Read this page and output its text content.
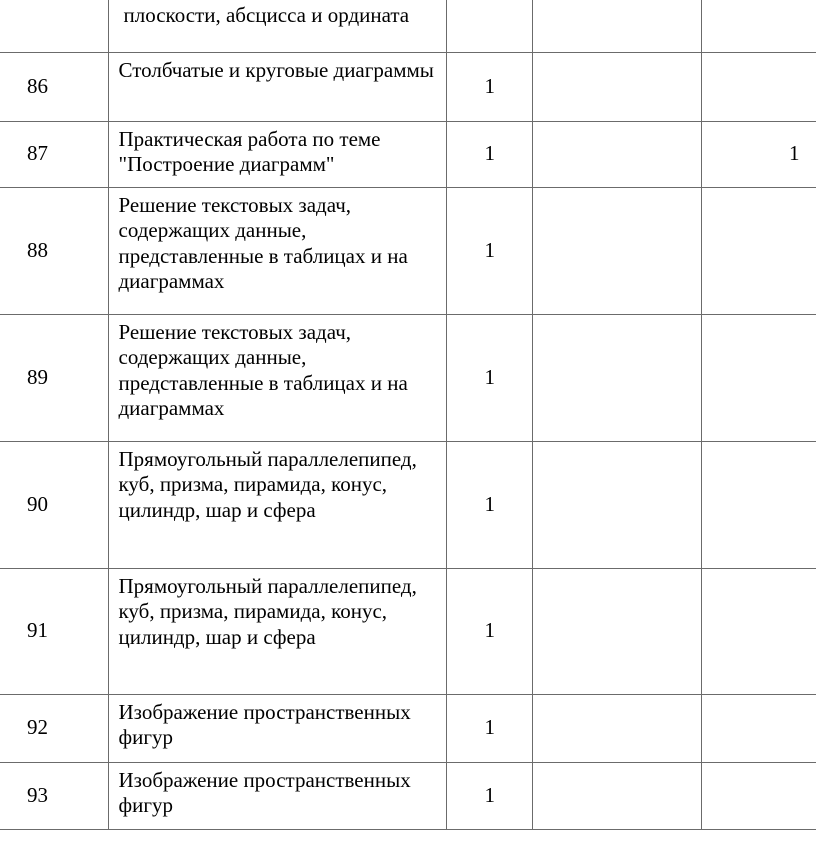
	плоскости, абсцисса и ордината			

86	Столбчатые и круговые диаграммы	1		
87	Практическая работа по теме "Построение диаграмм"	1		1
88	Решение текстовых задач, содержащих данные, представленные в таблицах и на диаграммах	1		
89	Решение текстовых задач, содержащих данные, представленные в таблицах и на диаграммах	1		
90	Прямоугольный параллелепипед, куб, призма, пирамида, конус, цилиндр, шар и сфера	1		
91	Прямоугольный параллелепипед, куб, призма, пирамида, конус, цилиндр, шар и сфера	1		
92	Изображение пространственных фигур	1		
93	Изображение пространственных фигур	1		
